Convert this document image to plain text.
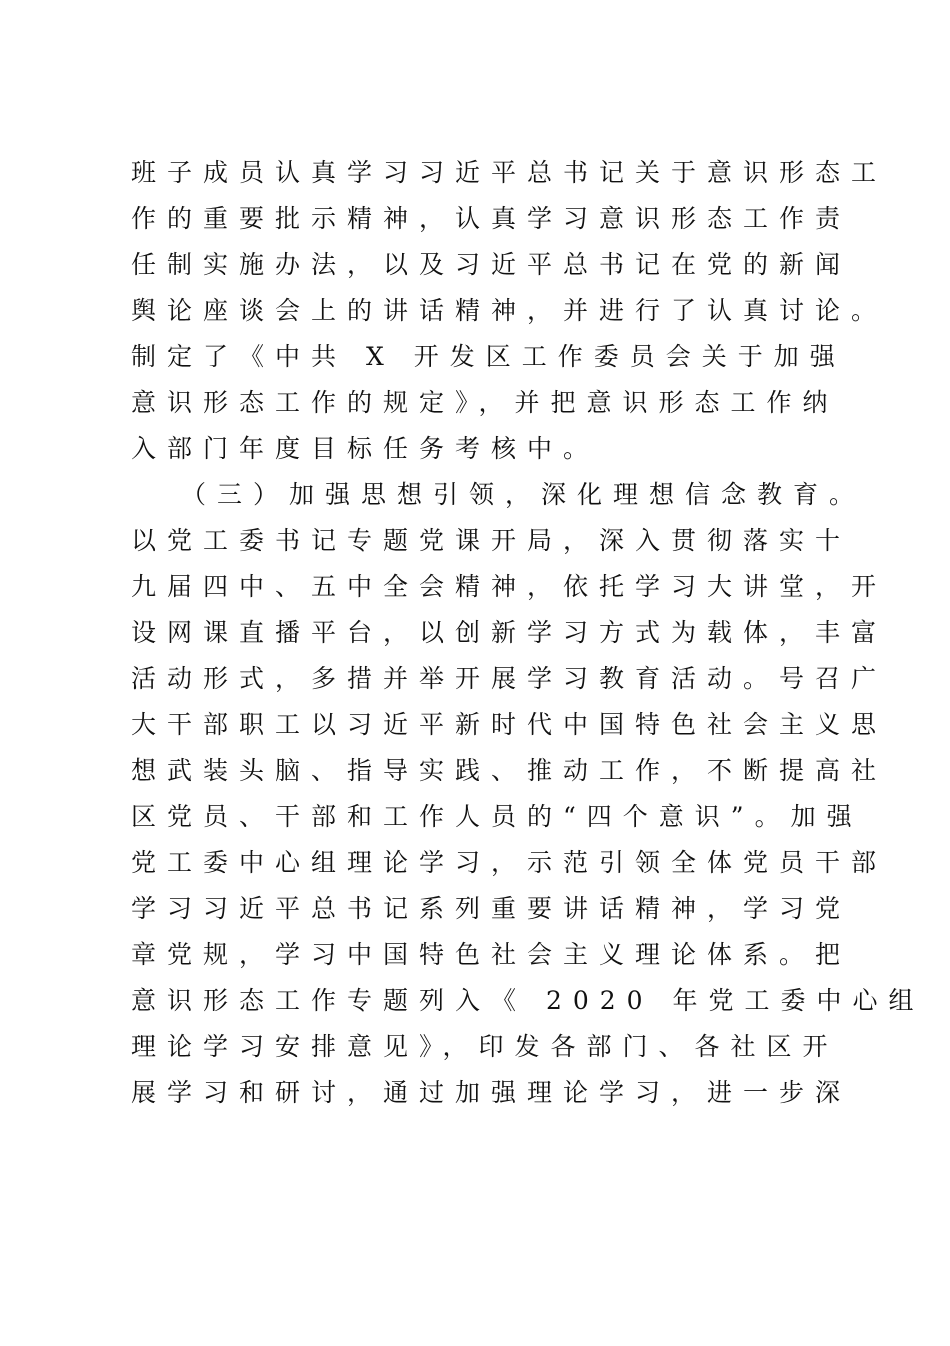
班子成员认真学习习近平总书记关于意识形态工
作的重要批示精神，认真学习意识形态工作责
任制实施办法，以及习近平总书记在党的新闻
舆论座谈会上的讲话精神，并进行了认真讨论。
制定了《中共 X 开发区工作委员会关于加强
意识形态工作的规定》，并把意识形态工作纳
入部门年度目标任务考核中。
（三）加强思想引领，深化理想信念教育。
以党工委书记专题党课开局，深入贯彻落实十
九届四中、五中全会精神，依托学习大讲堂，开
设网课直播平台，以创新学习方式为载体，丰富
活动形式，多措并举开展学习教育活动。号召广
大干部职工以习近平新时代中国特色社会主义思
想武装头脑、指导实践、推动工作，不断提高社
区党员、干部和工作人员的“四个意识”。加强
党工委中心组理论学习，示范引领全体党员干部
学习习近平总书记系列重要讲话精神，学习党
章党规，学习中国特色社会主义理论体系。把
意识形态工作专题列入《 2020 年党工委中心组
理论学习安排意见》，印发各部门、各社区开
展学习和研讨，通过加强理论学习，进一步深
